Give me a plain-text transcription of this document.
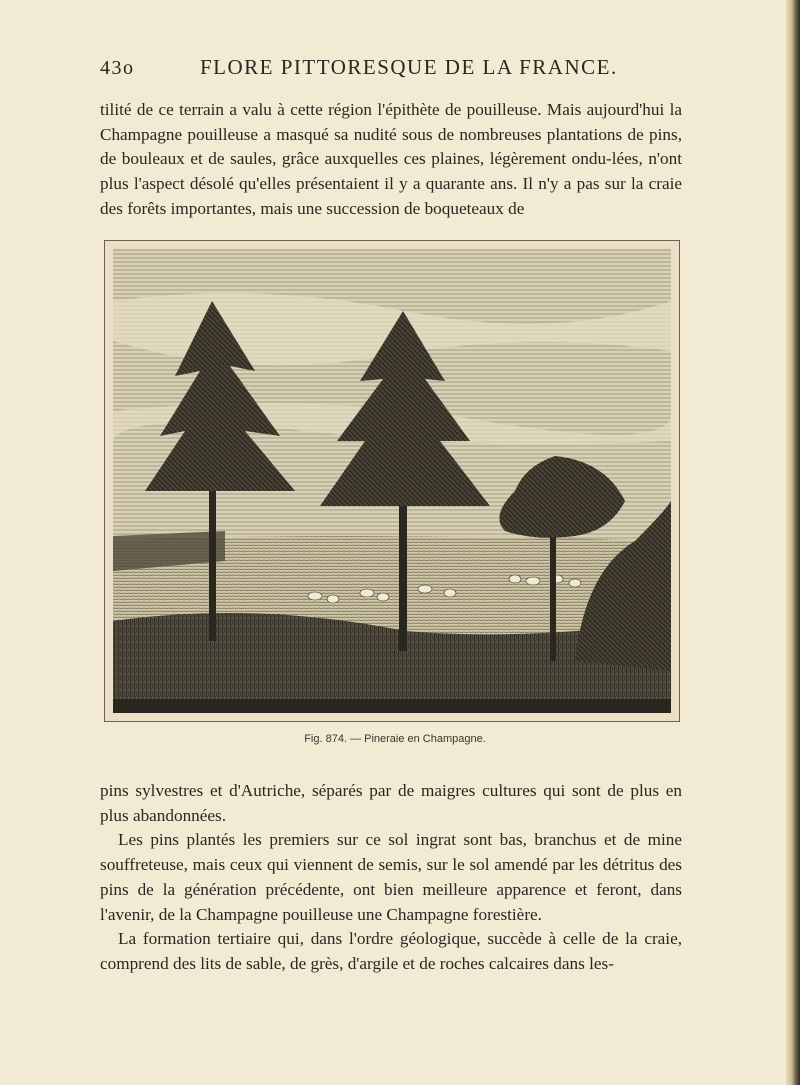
43o	FLORE PITTORESQUE DE LA FRANCE.

tilité de ce terrain a valu à cette région l'épithète de pouilleuse. Mais aujourd'hui la Champagne pouilleuse a masqué sa nudité sous de nombreuses plantations de pins, de bouleaux et de saules, grâce auxquelles ces plaines, légèrement ondu-lées, n'ont plus l'aspect désolé qu'elles présentaient il y a quarante ans. Il n'y a pas sur la craie des forêts importantes, mais une succession de boqueteaux de

Fig. 874. — Pineraie en Champagne.

pins sylvestres et d'Autriche, séparés par de maigres cultures qui sont de plus en plus abandonnées.

Les pins plantés les premiers sur ce sol ingrat sont bas, branchus et de mine souffreteuse, mais ceux qui viennent de semis, sur le sol amendé par les détritus des pins de la génération précédente, ont bien meilleure apparence et feront, dans l'avenir, de la Champagne pouilleuse une Champagne forestière.

La formation tertiaire qui, dans l'ordre géologique, succède à celle de la craie, comprend des lits de sable, de grès, d'argile et de roches calcaires dans les-
